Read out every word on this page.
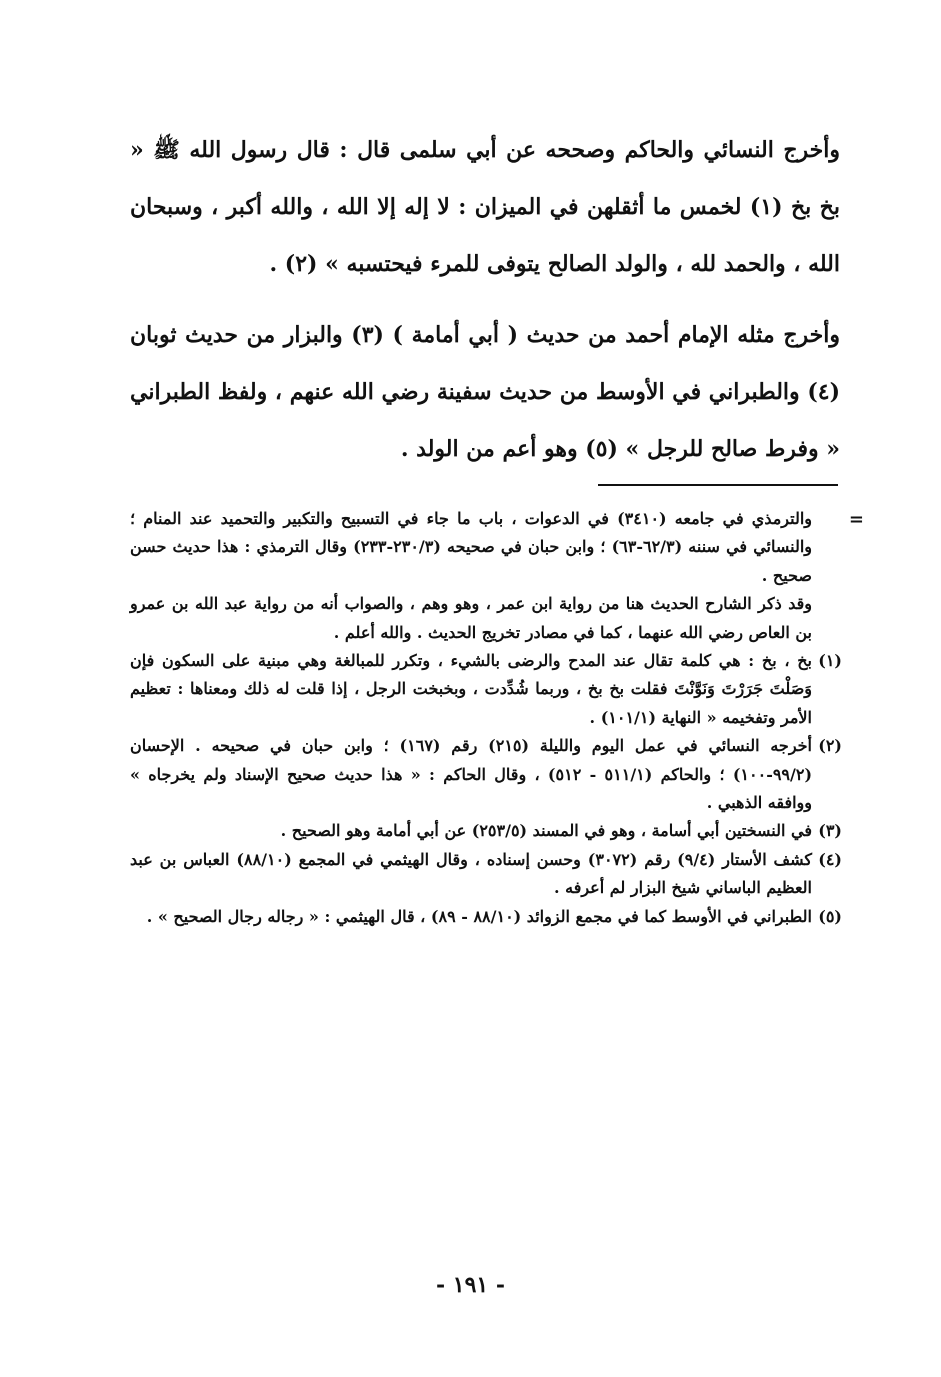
وأخرج النسائي والحاكم وصححه عن أبي سلمى قال : قال رسول الله ﷺ « بخ بخ (١) لخمس ما أثقلهن في الميزان : لا إله إلا الله ، والله أكبر ، وسبحان الله ، والحمد لله ، والولد الصالح يتوفى للمرء فيحتسبه » (٢) .

وأخرج مثله الإمام أحمد من حديث ( أبي أمامة ) (٣) والبزار من حديث ثوبان (٤) والطبراني في الأوسط من حديث سفينة رضي الله عنهم ، ولفظ الطبراني « وفرط صالح للرجل » (٥) وهو أعم من الولد .

=

والترمذي في جامعه (٣٤١٠) في الدعوات ، باب ما جاء في التسبيح والتكبير والتحميد عند المنام ؛ والنسائي في سننه (٦٢/٣-٦٣) ؛ وابن حبان في صحيحه (٢٣٠/٣-٢٣٣) وقال الترمذي : هذا حديث حسن صحيح .

وقد ذكر الشارح الحديث هنا من رواية ابن عمر ، وهو وهم ، والصواب أنه من رواية عبد الله بن عمرو بن العاص رضي الله عنهما ، كما في مصادر تخريج الحديث . والله أعلم .

(١)
بخ ، بخ : هي كلمة تقال عند المدح والرضى بالشيء ، وتكرر للمبالغة وهي مبنية على السكون فإن وَصَلْتَ جَرَرْتَ وَنَوَّنْتَ فقلت بخ بخ ، وربما شُدِّدت ، وبخبخت الرجل ، إذا قلت له ذلك ومعناها : تعظيم الأمر وتفخيمه « النهاية (١٠١/١) .
(٢)
أخرجه النسائي في عمل اليوم والليلة (٢١٥) رقم (١٦٧) ؛ وابن حبان في صحيحه . الإحسان (٩٩/٢-١٠٠) ؛ والحاكم (٥١١/١ - ٥١٢) ، وقال الحاكم : « هذا حديث صحيح الإسناد ولم يخرجاه » ووافقه الذهبي .
(٣)
في النسختين أبي أسامة ، وهو في المسند (٢٥٣/٥) عن أبي أمامة وهو الصحيح .
(٤)
كشف الأستار (٩/٤) رقم (٣٠٧٢) وحسن إسناده ، وقال الهيثمي في المجمع (٨٨/١٠) العباس بن عبد العظيم الباساني شيخ البزار لم أعرفه .
(٥)
الطبراني في الأوسط كما في مجمع الزوائد (٨٨/١٠ - ٨٩) ، قال الهيثمي : « رجاله رجال الصحيح » .
- ١٩١ -
